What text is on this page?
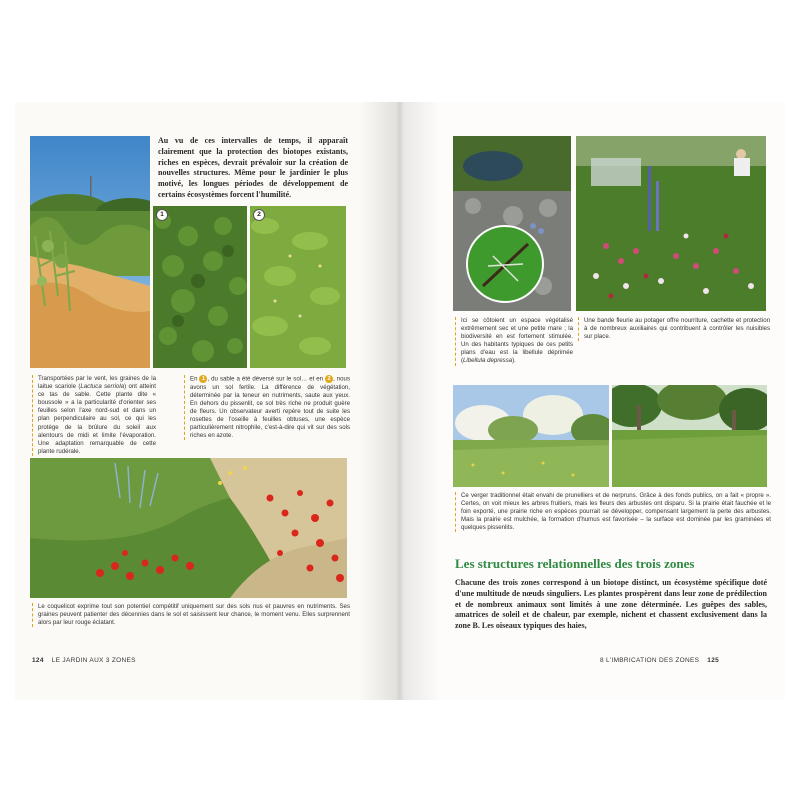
1	2
Au vu de ces intervalles de temps, il apparaît clairement que la protection des biotopes existants, riches en espèces, devrait prévaloir sur la création de nouvelles structures. Même pour le jardinier le plus motivé, les longues périodes de développement de certains écosystèmes forcent l'humilité.
Transportées par le vent, les graines de la laitue scariole (Lactuca serriola) ont atteint ce tas de sable. Cette plante dite « boussole » a la particularité d'orienter ses feuilles selon l'axe nord-sud et dans un plan perpendiculaire au sol, ce qui les protège de la brûlure du soleil aux alentours de midi et limite l'évaporation. Une adaptation remarquable de cette plante rudérale.
En 1 , du sable a été déversé sur le sol… et en 2 , nous avons un sol fertile. La différence de végétation, déterminée par la teneur en nutriments, saute aux yeux. En dehors du pissenlit, ce sol très riche ne produit guère de fleurs. Un observateur averti repère tout de suite les rosettes de l'oseille à feuilles obtuses, une espèce particulièrement nitrophile, c'est-à-dire qui vit sur des sols riches en azote.
Le coquelicot exprime tout son potentiel compétitif uniquement sur des sols nus et pauvres en nutriments. Ses graines peuvent patienter des décennies dans le sol et saisissent leur chance, le moment venu. Elles surprennent alors par leur rouge éclatant.
124 LE JARDIN AUX 3 ZONES
Ici se côtoient un espace végétalisé extrêmement sec et une petite mare ; la biodiversité en est fortement stimulée. Un des habitants typiques de ces petits plans d'eau est la libellule déprimée (Libellula depressa).
Une bande fleurie au potager offre nourriture, cachette et protection à de nombreux auxiliaires qui contribuent à contrôler les nuisibles sur place.
Ce verger traditionnel était envahi de prunelliers et de nerpruns. Grâce à des fonds publics, on a fait « propre ». Certes, on voit mieux les arbres fruitiers, mais les fleurs des arbustes ont disparu. Si la prairie était fauchée et le foin exporté, une prairie riche en espèces pourrait se développer, compensant largement la perte des arbustes. Mais la prairie est mulchée, la formation d'humus est favorisée – la surface est dominée par les graminées et quelques pissenlits.
Les structures relationnelles des trois zones
Chacune des trois zones correspond à un biotope distinct, un écosystème spécifique doté d'une multitude de nœuds singuliers. Les plantes prospèrent dans leur zone de prédilection et de nombreux animaux sont limités à une zone déterminée. Les guêpes des sables, amatrices de soleil et de chaleur, par exemple, nichent et chassent exclusivement dans la zone B. Les oiseaux typiques des haies,
8 L'IMBRICATION DES ZONES 125
